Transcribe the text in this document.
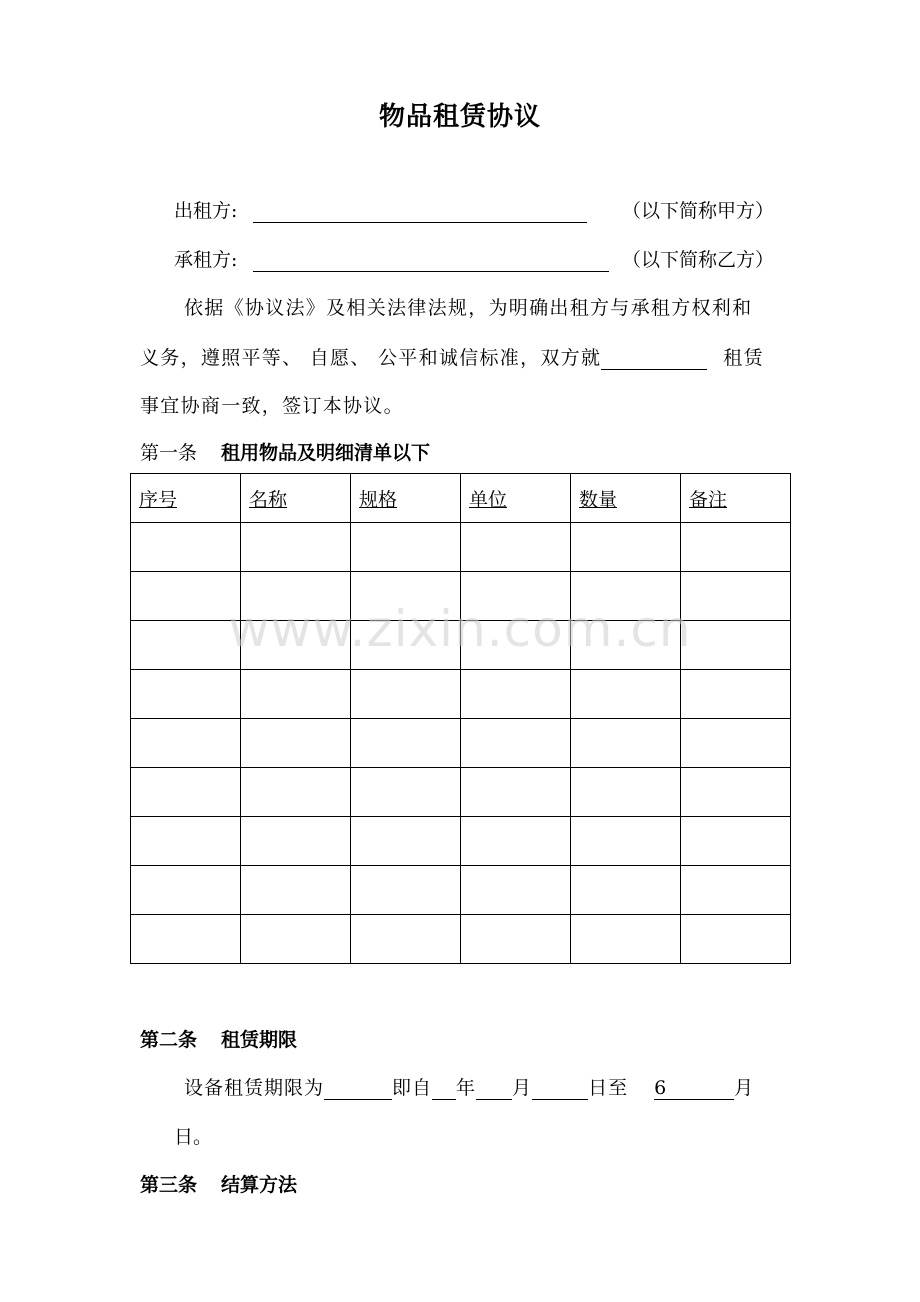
物品租赁协议
出租方:	（以下简称甲方）
承租方:	（以下简称乙方）
依据《协议法》及相关法律法规，为明确出租方与承租方权利和
义务，遵照平等、 自愿、 公平和诚信标准，双方就	租赁
事宜协商一致，签订本协议。
第一条 租用物品及明细清单以下
序号	名称	规格	单位	数量	备注

www.zixin.com.cn
第二条 租赁期限
设备租赁期限为	即自 年 月	日至 6	月
日。
第三条 结算方法
